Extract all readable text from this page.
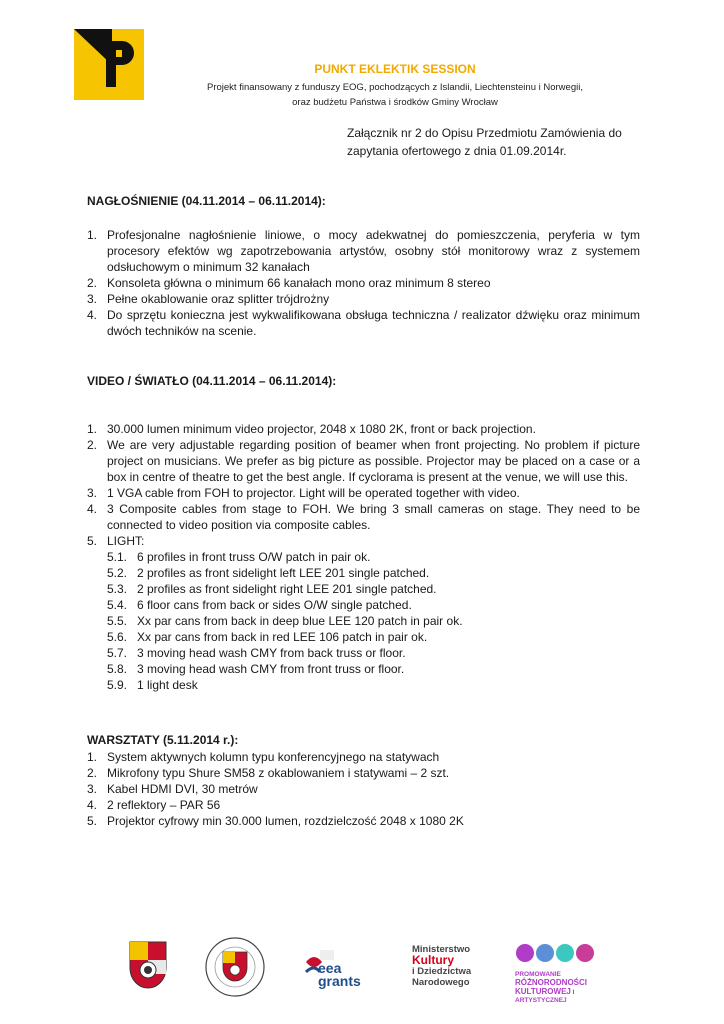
PUNKT EKLEKTIK SESSION
Projekt finansowany z funduszy EOG, pochodzących z Islandii, Liechtensteinu i Norwegii,
oraz budżetu Państwa i środków Gminy Wrocław
Załącznik nr 2 do Opisu Przedmiotu Zamówienia do
zapytania ofertowego z dnia 01.09.2014r.
NAGŁOŚNIENIE (04.11.2014 – 06.11.2014):
1. Profesjonalne nagłośnienie liniowe, o mocy adekwatnej do pomieszczenia, peryferia w tym procesory efektów wg zapotrzebowania artystów, osobny stół monitorowy wraz z systemem odsłuchowym o minimum 32 kanałach
2. Konsoleta główna o minimum 66 kanałach mono oraz minimum 8 stereo
3. Pełne okablowanie oraz splitter trójdrożny
4. Do sprzętu konieczna jest wykwalifikowana obsługa techniczna / realizator dźwięku oraz minimum dwóch techników na scenie.
VIDEO / ŚWIATŁO (04.11.2014 – 06.11.2014):
1. 30.000 lumen minimum video projector, 2048 x 1080 2K, front or back projection.
2. We are very adjustable regarding position of beamer when front projecting. No problem if picture project on musicians. We prefer as big picture as possible. Projector may be placed on a case or a box in centre of theatre to get the best angle. If cyclorama is present at the venue, we will use this.
3. 1 VGA cable from FOH to projector. Light will be operated together with video.
4. 3 Composite cables from stage to FOH. We bring 3 small cameras on stage. They need to be connected to video position via composite cables.
5. LIGHT:
5.1. 6 profiles in front truss O/W patch in pair ok.
5.2. 2 profiles as front sidelight left LEE 201 single patched.
5.3. 2 profiles as front sidelight right LEE 201 single patched.
5.4. 6 floor cans from back or sides O/W single patched.
5.5. Xx par cans from back in deep blue LEE 120 patch in pair ok.
5.6. Xx par cans from back in red LEE 106 patch in pair ok.
5.7. 3 moving head wash CMY from back truss or floor.
5.8. 3 moving head wash CMY from front truss or floor.
5.9. 1 light desk
WARSZTATY (5.11.2014 r.):
1. System aktywnych kolumn typu konferencyjnego na statywach
2. Mikrofony typu Shure SM58 z okablowaniem i statywami – 2 szt.
3. Kabel HDMI DVI, 30 metrów
4. 2 reflektory – PAR 56
5. Projektor cyfrowy min 30.000 lumen, rozdzielczość 2048 x 1080 2K
eea
grants
Ministerstwo
Kultury
i Dziedzictwa
Narodowego
PROMOWANIE RÓŻNORODNOŚCI
KULTUROWEJ I ARTYSTYCZNEJ
